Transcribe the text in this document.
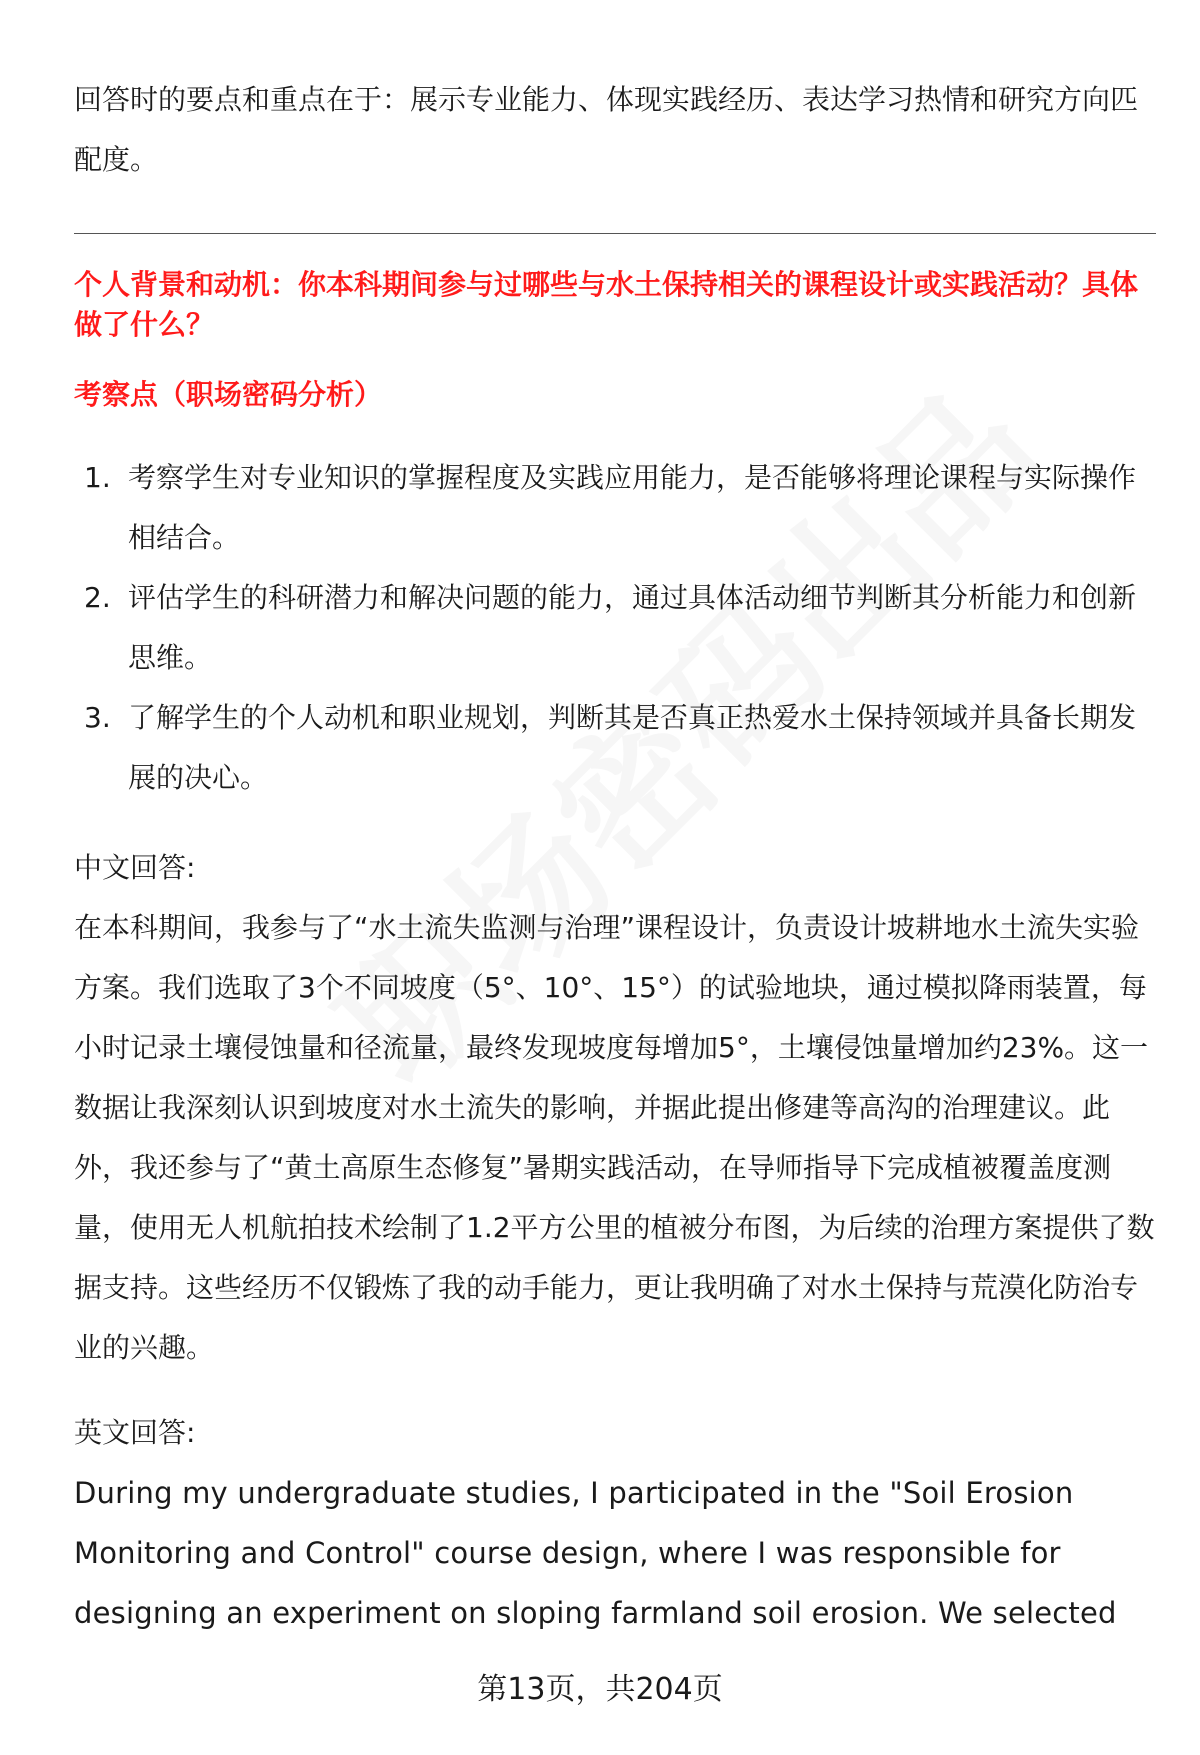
回答时的要点和重点在于：展示专业能力、体现实践经历、表达学习热情和研究方向匹配度。

个人背景和动机：你本科期间参与过哪些与水土保持相关的课程设计或实践活动？具体做了什么？

考察点（职场密码分析）

1. 考察学生对专业知识的掌握程度及实践应用能力，是否能够将理论课程与实际操作相结合。
2. 评估学生的科研潜力和解决问题的能力，通过具体活动细节判断其分析能力和创新思维。
3. 了解学生的个人动机和职业规划，判断其是否真正热爱水土保持领域并具备长期发展的决心。

中文回答:

在本科期间，我参与了“水土流失监测与治理”课程设计，负责设计坡耕地水土流失实验方案。我们选取了3个不同坡度（5°、10°、15°）的试验地块，通过模拟降雨装置，每小时记录土壤侵蚀量和径流量，最终发现坡度每增加5°，土壤侵蚀量增加约23%。这一数据让我深刻认识到坡度对水土流失的影响，并据此提出修建等高沟的治理建议。此外，我还参与了“黄土高原生态修复”暑期实践活动，在导师指导下完成植被覆盖度测量，使用无人机航拍技术绘制了1.2平方公里的植被分布图，为后续的治理方案提供了数据支持。这些经历不仅锻炼了我的动手能力，更让我明确了对水土保持与荒漠化防治专业的兴趣。

英文回答:

During my undergraduate studies, I participated in the "Soil Erosion Monitoring and Control" course design, where I was responsible for designing an experiment on sloping farmland soil erosion. We selected

第13页，共204页
